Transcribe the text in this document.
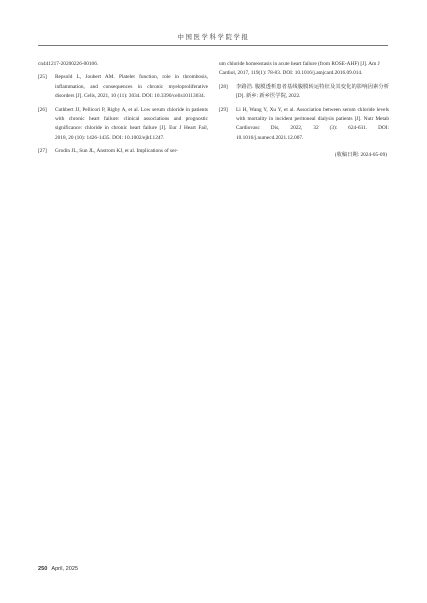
中国医学科学院学报
cn441217-20200226-00106.
[25] Repsold L, Joubert AM. Platelet function, role in thrombosis, inflammation, and consequences in chronic myeloproliferative disorders [J]. Cells, 2021, 10 (11): 3034. DOI: 10.3390/cells10113034.
[26] Cuthbert JJ, Pellicori P, Rigby A, et al. Low serum chloride in patients with chronic heart failure: clinical associations and prognostic significance: chloride in chronic heart failure [J]. Eur J Heart Fail, 2018, 20 (10): 1426-1435. DOI: 10.1002/ejhf.1247.
[27] Grodin JL, Sun JL, Anstrom KJ, et al. Implications of ser-
um chloride homeostasis in acute heart failure (from ROSE-AHF) [J]. Am J Cardiol, 2017, 119(1): 78-83. DOI: 10.1016/j.amjcard.2016.09.014.
[28] 李路浩. 腹膜透析患者基线腹膜转运特征及其变化的影响因素分析[D]. 新乡: 新乡医学院, 2022.
[29] Li H, Wang Y, Xu Y, et al. Association between serum chloride levels with mortality in incident peritoneal dialysis patients [J]. Nutr Metab Cardiovasc Dis, 2022, 32 (3): 624-631. DOI: 10.1016/j.numecd.2021.12.007.
(收稿日期: 2024-05-09)
250 April, 2025
